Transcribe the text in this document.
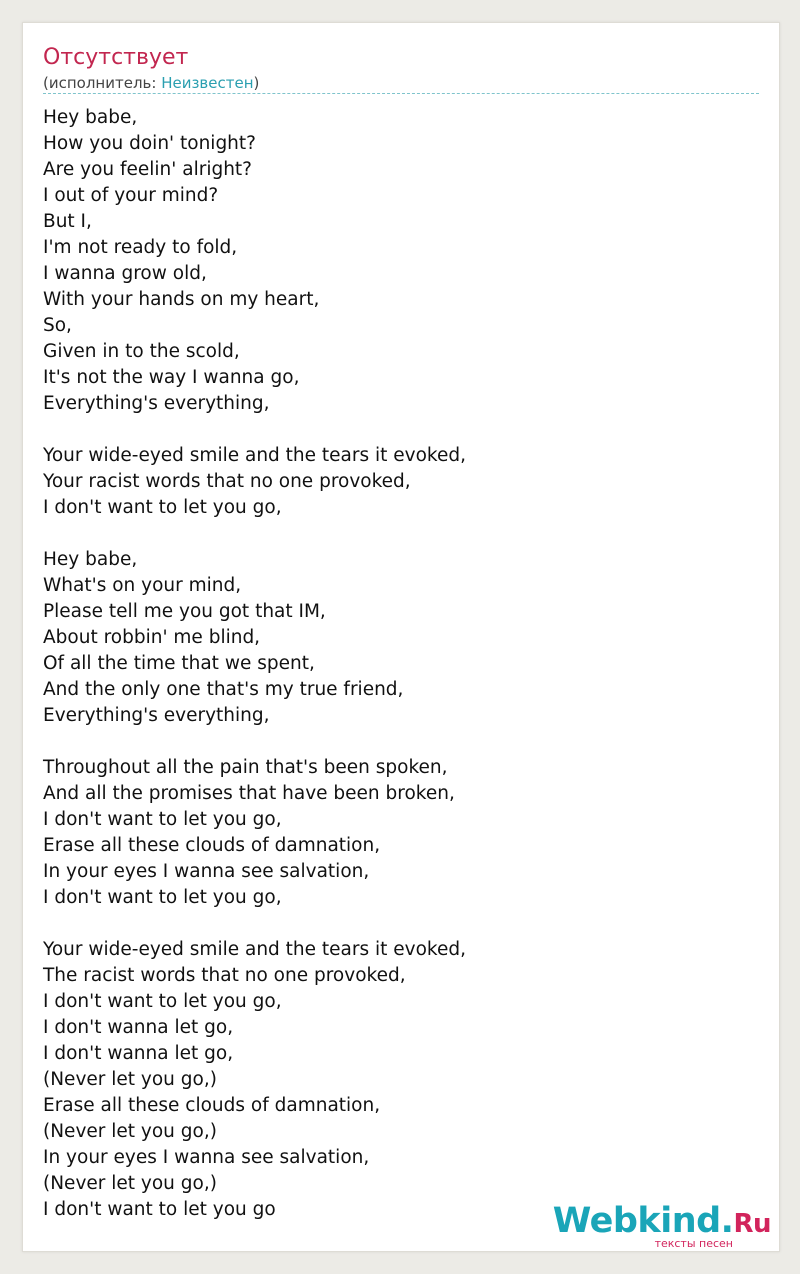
Отсутствует
(исполнитель: Неизвестен)
Hey babe,
How you doin' tonight?
Are you feelin' alright?
I out of your mind?
But I,
I'm not ready to fold,
I wanna grow old,
With your hands on my heart,
So,
Given in to the scold,
It's not the way I wanna go,
Everything's everything,
Your wide-eyed smile and the tears it evoked,
Your racist words that no one provoked,
I don't want to let you go,
Hey babe,
What's on your mind,
Please tell me you got that IM,
About robbin' me blind,
Of all the time that we spent,
And the only one that's my true friend,
Everything's everything,
Throughout all the pain that's been spoken,
And all the promises that have been broken,
I don't want to let you go,
Erase all these clouds of damnation,
In your eyes I wanna see salvation,
I don't want to let you go,
Your wide-eyed smile and the tears it evoked,
The racist words that no one provoked,
I don't want to let you go,
I don't wanna let go,
I don't wanna let go,
(Never let you go,)
Erase all these clouds of damnation,
(Never let you go,)
In your eyes I wanna see salvation,
(Never let you go,)
I don't want to let you go	Webkind.Ru
тексты песен
